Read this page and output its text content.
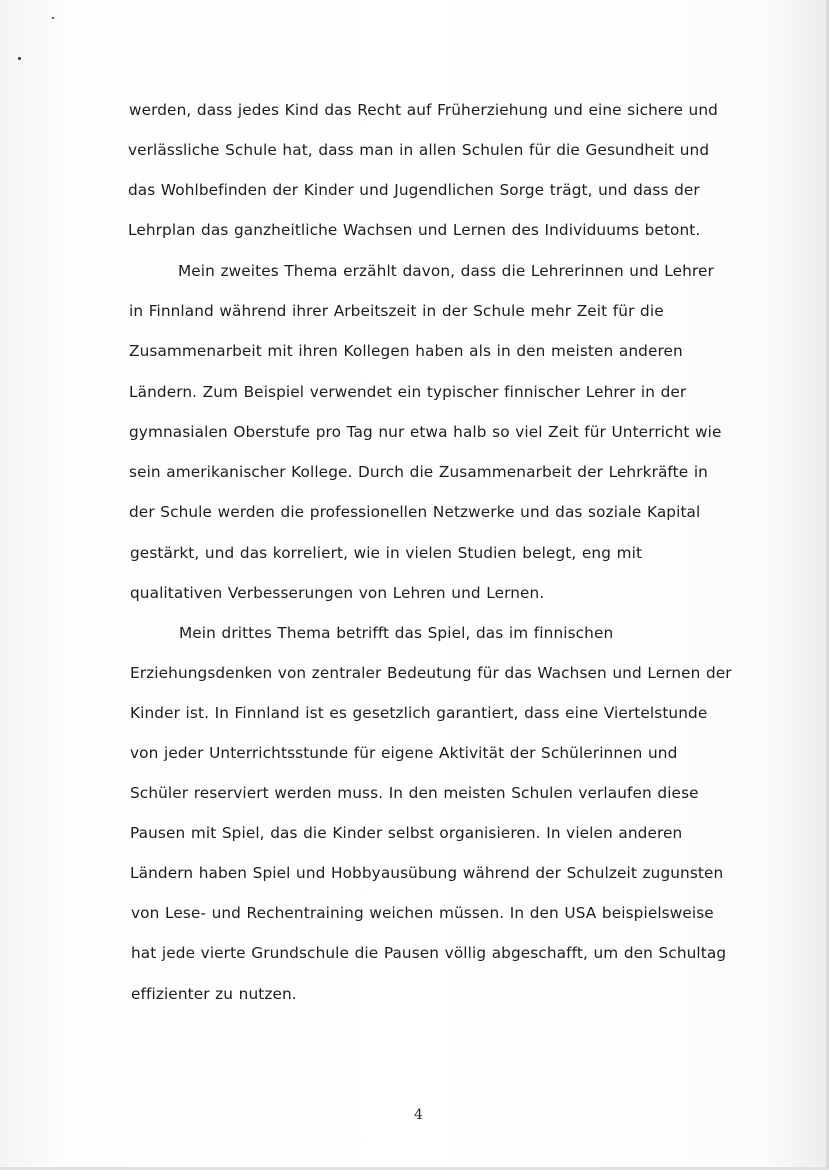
werden, dass jedes Kind das Recht auf Früherziehung und eine sichere und
verlässliche Schule hat, dass man in allen Schulen für die Gesundheit und
das Wohlbefinden der Kinder und Jugendlichen Sorge trägt, und dass der
Lehrplan das ganzheitliche Wachsen und Lernen des Individuums betont.
Mein zweites Thema erzählt davon, dass die Lehrerinnen und Lehrer
in Finnland während ihrer Arbeitszeit in der Schule mehr Zeit für die
Zusammenarbeit mit ihren Kollegen haben als in den meisten anderen
Ländern. Zum Beispiel verwendet ein typischer finnischer Lehrer in der
gymnasialen Oberstufe pro Tag nur etwa halb so viel Zeit für Unterricht wie
sein amerikanischer Kollege. Durch die Zusammenarbeit der Lehrkräfte in
der Schule werden die professionellen Netzwerke und das soziale Kapital
gestärkt, und das korreliert, wie in vielen Studien belegt, eng mit
qualitativen Verbesserungen von Lehren und Lernen.
Mein drittes Thema betrifft das Spiel, das im finnischen
Erziehungsdenken von zentraler Bedeutung für das Wachsen und Lernen der
Kinder ist. In Finnland ist es gesetzlich garantiert, dass eine Viertelstunde
von jeder Unterrichtsstunde für eigene Aktivität der Schülerinnen und
Schüler reserviert werden muss. In den meisten Schulen verlaufen diese
Pausen mit Spiel, das die Kinder selbst organisieren. In vielen anderen
Ländern haben Spiel und Hobbyausübung während der Schulzeit zugunsten
von Lese- und Rechentraining weichen müssen. In den USA beispielsweise
hat jede vierte Grundschule die Pausen völlig abgeschafft, um den Schultag
effizienter zu nutzen.
4
